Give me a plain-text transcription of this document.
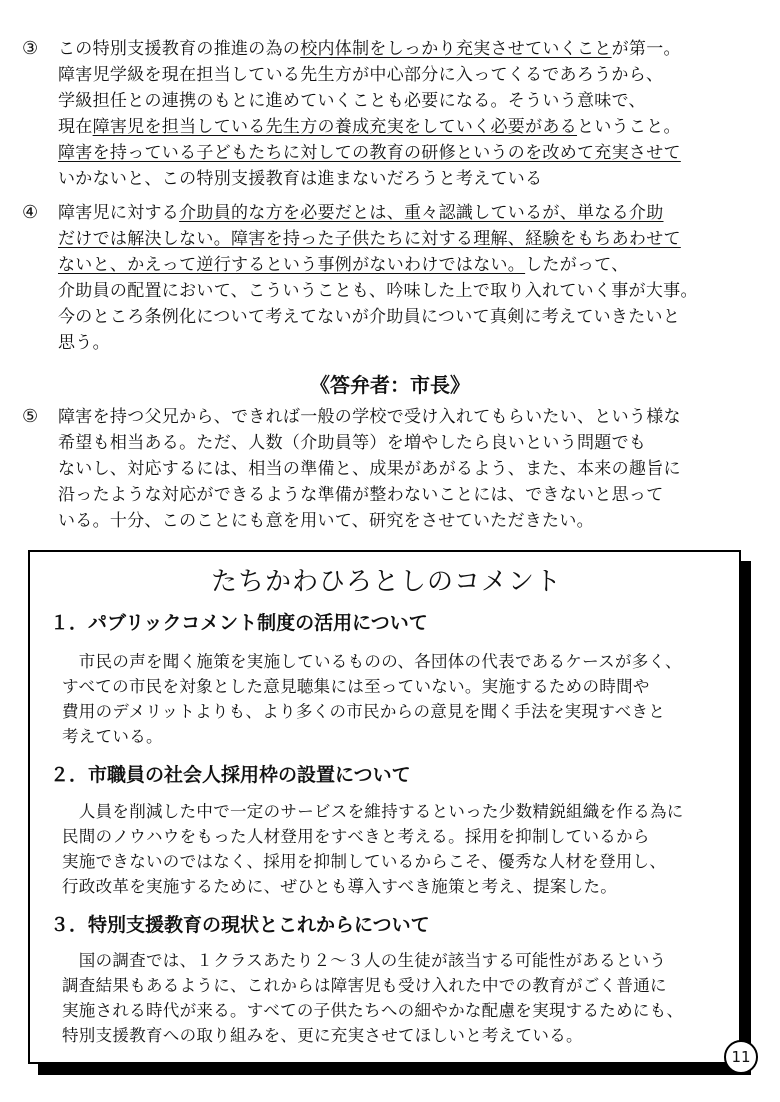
③ この特別支援教育の推進の為の校内体制をしっかり充実させていくことが第一。
障害児学級を現在担当している先生方が中心部分に入ってくるであろうから、
学級担任との連携のもとに進めていくことも必要になる。そういう意味で、
現在障害児を担当している先生方の養成充実をしていく必要があるということ。
障害を持っている子どもたちに対しての教育の研修というのを改めて充実させて
いかないと、この特別支援教育は進まないだろうと考えている
④ 障害児に対する介助員的な方を必要だとは、重々認識しているが、単なる介助
だけでは解決しない。障害を持った子供たちに対する理解、経験をもちあわせて
ないと、かえって逆行するという事例がないわけではない。したがって、
介助員の配置において、こういうことも、吟味した上で取り入れていく事が大事。
今のところ条例化について考えてないが介助員について真剣に考えていきたいと
思う。
《答弁者：市長》
⑤ 障害を持つ父兄から、できれば一般の学校で受け入れてもらいたい、という様な
希望も相当ある。ただ、人数（介助員等）を増やしたら良いという問題でも
ないし、対応するには、相当の準備と、成果があがるよう、また、本来の趣旨に
沿ったような対応ができるような準備が整わないことには、できないと思って
いる。十分、このことにも意を用いて、研究をさせていただきたい。
たちかわひろとしのコメント
１．パブリックコメント制度の活用について
　市民の声を聞く施策を実施しているものの、各団体の代表であるケースが多く、
すべての市民を対象とした意見聴集には至っていない。実施するための時間や
費用のデメリットよりも、より多くの市民からの意見を聞く手法を実現すべきと
考えている。
２．市職員の社会人採用枠の設置について
　人員を削減した中で一定のサービスを維持するといった少数精鋭組織を作る為に
民間のノウハウをもった人材登用をすべきと考える。採用を抑制しているから
実施できないのではなく、採用を抑制しているからこそ、優秀な人材を登用し、
行政改革を実施するために、ぜひとも導入すべき施策と考え、提案した。
３．特別支援教育の現状とこれからについて
　国の調査では、１クラスあたり２～３人の生徒が該当する可能性があるという
調査結果もあるように、これからは障害児も受け入れた中での教育がごく普通に
実施される時代が来る。すべての子供たちへの細やかな配慮を実現するためにも、
特別支援教育への取り組みを、更に充実させてほしいと考えている。
11
